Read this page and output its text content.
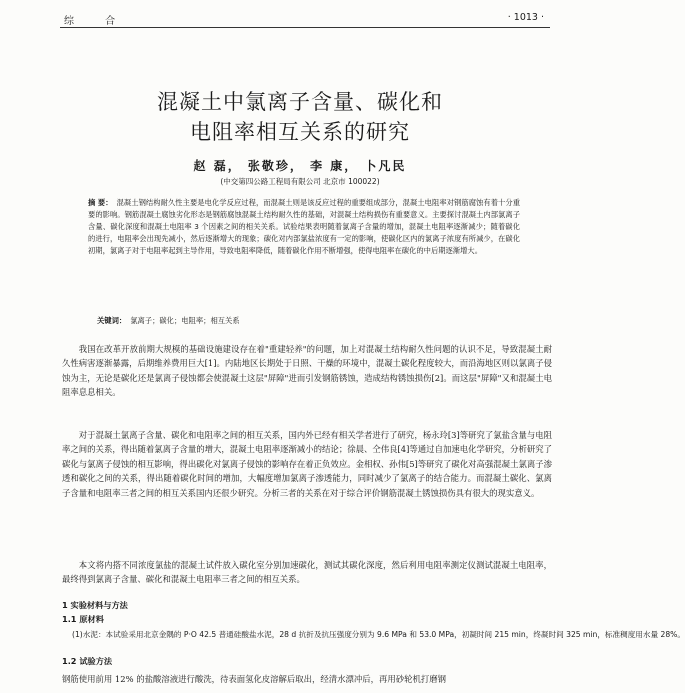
综 合	· 1013 ·
混凝土中氯离子含量、碳化和
电阻率相互关系的研究
赵 磊， 张敬珍， 李 康， 卜凡民
(中交第四公路工程局有限公司 北京市 100022)
摘 要： 混凝土钢结构耐久性主要是电化学反应过程，而混凝土则是该反应过程的重要组成部分，混凝土电阻率对钢筋腐蚀有着十分重要的影响。钢筋混凝土腐蚀劣化形态是钢筋腐蚀混凝土结构耐久性的基础，对混凝土结构损伤有重要意义。主要探讨混凝土内部氯离子含量、碳化深度和混凝土电阻率 3 个因素之间的相关关系。试验结果表明随着氯离子含量的增加，混凝土电阻率逐渐减少；随着碳化的进行，电阻率会出现先减小，然后逐渐增大的现象；碳化对内部氯盐浓度有一定的影响，使碳化区内的氯离子浓度有所减少，在碳化初期，氯离子对于电阻率起到主导作用，导致电阻率降低，随着碳化作用不断增强，使得电阻率在碳化的中后期逐渐增大。
关键词： 氯离子；碳化；电阻率；相互关系
我国在改革开放前期大规模的基础设施建设存在着"重建轻养"的问题，加上对混凝土结构耐久性问题的认识不足，导致混凝土耐久性病害逐渐暴露，后期维养费用巨大[1]。内陆地区长期处于日照、干燥的环境中，混凝土碳化程度较大，而沿海地区则以氯离子侵蚀为主，无论是碳化还是氯离子侵蚀都会使混凝土这层"屏障"进而引发钢筋锈蚀，造成结构锈蚀损伤[2]。而这层"屏障"又和混凝土电阻率息息相关。
对于混凝土氯离子含量、碳化和电阻率之间的相互关系，国内外已经有相关学者进行了研究，杨永玲[3]等研究了氯盐含量与电阻率之间的关系，得出随着氯离子含量的增大，混凝土电阻率逐渐减小的结论；徐晨、仝伟良[4]等通过自加速电化学研究，分析研究了碳化与氯离子侵蚀的相互影响，得出碳化对氯离子侵蚀的影响存在着正负效应。金相权、孙伟[5]等研究了碳化对高强混凝土氯离子渗透和碳化之间的关系，得出随着碳化时间的增加，大幅度增加氯离子渗透能力，同时减少了氯离子的结合能力。而混凝土碳化、氯离子含量和电阻率三者之间的相互关系国内还很少研究。分析三者的关系在对于综合评价钢筋混凝土锈蚀损伤具有很大的现实意义。
本文将内搭不同浓度氯盐的混凝土试件放入碳化室分别加速碳化，测试其碳化深度，然后利用电阻率测定仪测试混凝土电阻率，最终得到氯离子含量、碳化和混凝土电阻率三者之间的相互关系。
1 实验材料与方法
1.1 原材料
(1)水泥：本试验采用北京金隅的 P·O 42.5 普通硅酸盐水泥，28 d 抗折及抗压强度分别为 9.6 MPa 和 53.0 MPa，初凝时间 215 min，终凝时间 325 min，标准稠度用水量 28%。
1.2 试验方法
钢筋使用前用 12% 的盐酸溶液进行酸洗，待表面氢化皮溶解后取出，经清水漂冲后，再用砂轮机打磨钢
